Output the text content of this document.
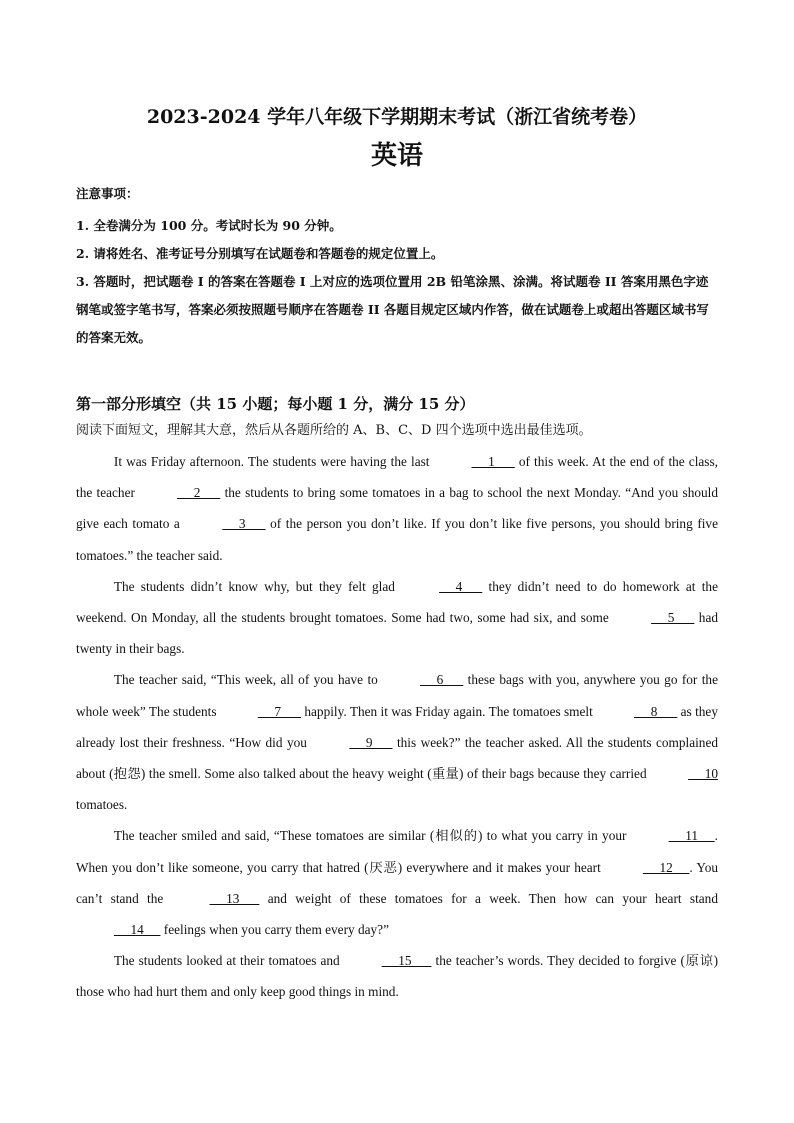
2023-2024 学年八年级下学期期末考试（浙江省统考卷）
英语
注意事项：

1. 全卷满分为 100 分。考试时长为 90 分钟。

2. 请将姓名、准考证号分别填写在试题卷和答题卷的规定位置上。

3. 答题时，把试题卷 I 的答案在答题卷 I 上对应的选项位置用 2B 铅笔涂黑、涂满。将试题卷 II 答案用黑色字迹钢笔或签字笔书写，答案必须按照题号顺序在答题卷 II 各题目规定区域内作答，做在试题卷上或超出答题区域书写的答案无效。

第一部分形填空（共 15 小题；每小题 1 分，满分 15 分）
阅读下面短文，理解其大意，然后从各题所给的 A、B、C、D 四个选项中选出最佳选项。

It was Friday afternoon. The students were having the last	1       of this week. At the end of the class, the teacher	2       the students to bring some tomatoes in a bag to school the next Monday. “And you should give each tomato a	3       of the person you don’t like. If you don’t like five persons, you should bring five tomatoes.” the teacher said.

The students didn’t know why, but they felt glad	4       they didn’t need to do homework at the weekend. On Monday, all the students brought tomatoes. Some had two, some had six, and some	5       had twenty in their bags.

The teacher said, “This week, all of you have to	6       these bags with you, anywhere you go for the whole week” The students	7       happily. Then it was Friday again. The tomatoes smelt	8       as they already lost their freshness. “How did you	9       this week?” the teacher asked. All the students complained about (抱怨) the smell. Some also talked about the heavy weight (重量) of their bags because they carried	10 tomatoes.

The teacher smiled and said, “These tomatoes are similar (相似的) to what you carry in your	11     . When you don’t like someone, you carry that hatred (厌恶) everywhere and it makes your heart	12     . You can’t stand the	13       and weight of these tomatoes for a week. Then how can your heart stand      14      feelings when you carry them every day?”

The students looked at their tomatoes and	15       the teacher’s words. They decided to forgive (原谅) those who had hurt them and only keep good things in mind.
